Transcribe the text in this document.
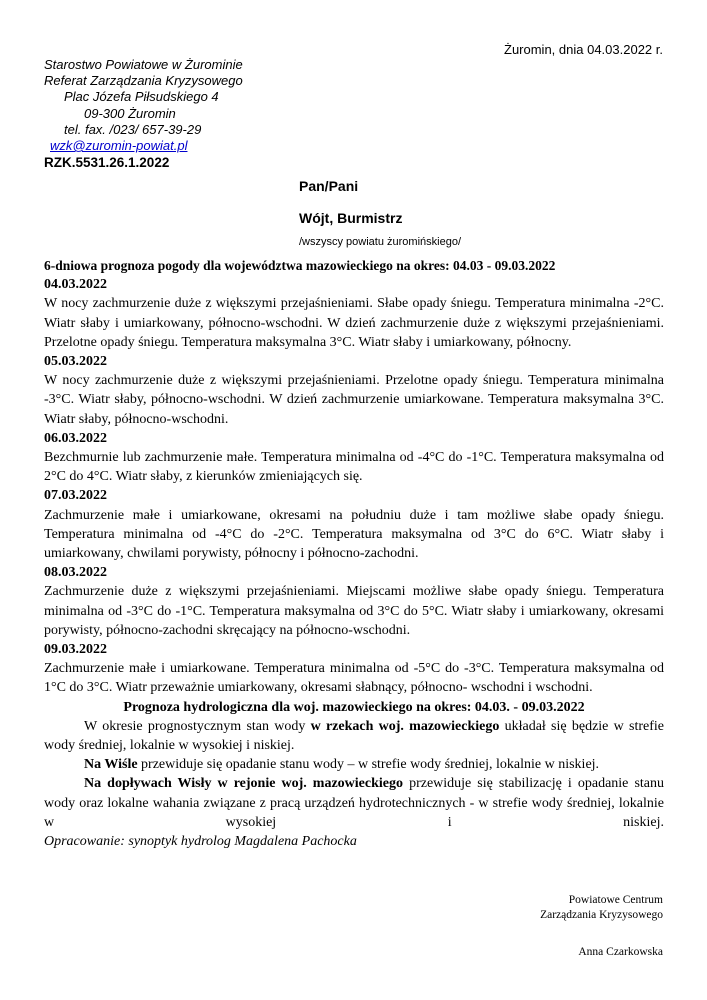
Żuromin, dnia 04.03.2022 r.
Starostwo Powiatowe w Żurominie
Referat Zarządzania Kryzysowego
Plac Józefa Piłsudskiego 4
09-300 Żuromin
tel. fax. /023/ 657-39-29
wzk@zuromin-powiat.pl
RZK.5531.26.1.2022
Pan/Pani
Wójt, Burmistrz
/wszyscy powiatu żuromińskiego/

6-dniowa prognoza pogody dla województwa mazowieckiego na okres: 04.03 - 09.03.2022

04.03.2022

W nocy zachmurzenie duże z większymi przejaśnieniami. Słabe opady śniegu. Temperatura minimalna -2°C. Wiatr słaby i umiarkowany, północno-wschodni. W dzień zachmurzenie duże z większymi przejaśnieniami. Przelotne opady śniegu. Temperatura maksymalna 3°C. Wiatr słaby i umiarkowany, północny.

05.03.2022

W nocy zachmurzenie duże z większymi przejaśnieniami. Przelotne opady śniegu. Temperatura minimalna -3°C. Wiatr słaby, północno-wschodni. W dzień zachmurzenie umiarkowane. Temperatura maksymalna 3°C. Wiatr słaby, północno-wschodni.

06.03.2022

Bezchmurnie lub zachmurzenie małe. Temperatura minimalna od -4°C do -1°C. Temperatura maksymalna od 2°C do 4°C. Wiatr słaby, z kierunków zmieniających się.

07.03.2022

Zachmurzenie małe i umiarkowane, okresami na południu duże i tam możliwe słabe opady śniegu. Temperatura minimalna od -4°C do -2°C. Temperatura maksymalna od 3°C do 6°C. Wiatr słaby i umiarkowany, chwilami porywisty, północny i północno-zachodni.

08.03.2022

Zachmurzenie duże z większymi przejaśnieniami. Miejscami możliwe słabe opady śniegu. Temperatura minimalna od -3°C do -1°C. Temperatura maksymalna od 3°C do 5°C. Wiatr słaby i umiarkowany, okresami porywisty, północno-zachodni skręcający na północno-wschodni.

09.03.2022

Zachmurzenie małe i umiarkowane. Temperatura minimalna od -5°C do -3°C. Temperatura maksymalna od 1°C do 3°C. Wiatr przeważnie umiarkowany, okresami słabnący, północno- wschodni i wschodni.

Prognoza hydrologiczna dla woj. mazowieckiego na okres: 04.03. - 09.03.2022

W okresie prognostycznym stan wody w rzekach woj. mazowieckiego układał się będzie w strefie wody średniej, lokalnie w wysokiej i niskiej.

Na Wiśle przewiduje się opadanie stanu wody – w strefie wody średniej, lokalnie w niskiej.

Na dopływach Wisły w rejonie woj. mazowieckiego przewiduje się stabilizację i opadanie stanu wody oraz lokalne wahania związane z pracą urządzeń hydrotechnicznych - w strefie wody średniej, lokalnie w wysokiej i niskiej.

Opracowanie: synoptyk hydrolog Magdalena Pachocka
Powiatowe Centrum
Zarządzania Kryzysowego
Anna Czarkowska
